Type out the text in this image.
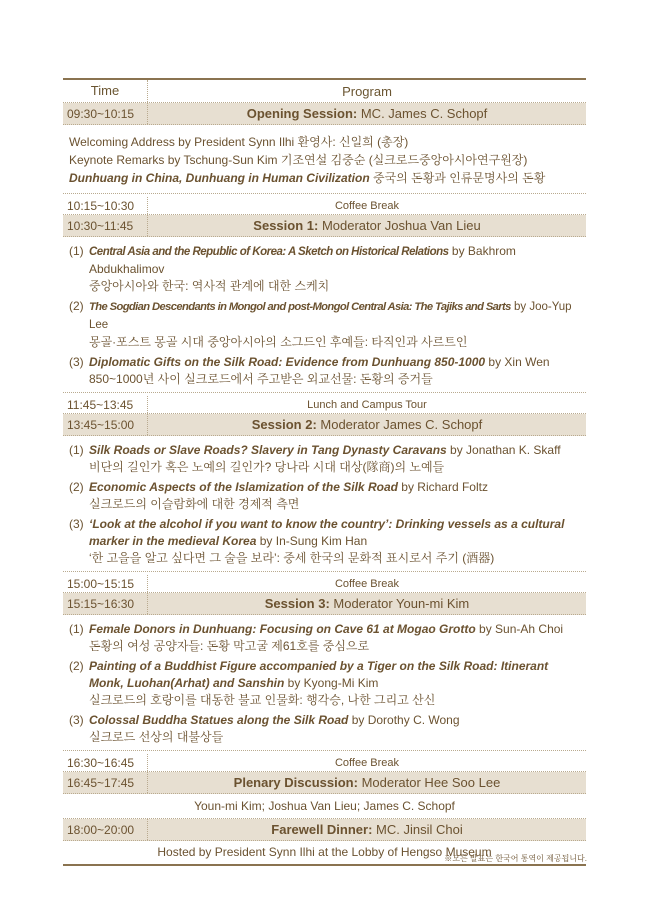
Time	Program
09:30~10:15	Opening Session: MC. James C. Schopf
Welcoming Address by President Synn Ilhi 환영사: 신일희 (총장)
Keynote Remarks by Tschung-Sun Kim 기조연설 김중순 (실크로드중앙아시아연구원장)
Dunhuang in China, Dunhuang in Human Civilization 중국의 돈황과 인류문명사의 돈황
10:15~10:30	Coffee Break
10:30~11:45	Session 1: Moderator Joshua Van Lieu
(1) Central Asia and the Republic of Korea: A Sketch on Historical Relations by Bakhrom Abdukhalimov
중앙아시아와 한국: 역사적 관계에 대한 스케치
(2) The Sogdian Descendants in Mongol and post-Mongol Central Asia: The Tajiks and Sarts by Joo-Yup Lee
몽골·포스트 몽골 시대 중앙아시아의 소그드인 후예들: 타직인과 사르트인
(3) Diplomatic Gifts on the Silk Road: Evidence from Dunhuang 850-1000 by Xin Wen
850~1000년 사이 실크로드에서 주고받은 외교선물: 돈황의 증거들
11:45~13:45	Lunch and Campus Tour
13:45~15:00	Session 2: Moderator James C. Schopf
(1) Silk Roads or Slave Roads? Slavery in Tang Dynasty Caravans by Jonathan K. Skaff
비단의 길인가 혹은 노예의 길인가? 당나라 시대 대상(隊商)의 노예들
(2) Economic Aspects of the Islamization of the Silk Road by Richard Foltz
실크로드의 이슬람화에 대한 경제적 측면
(3) ‘Look at the alcohol if you want to know the country’: Drinking vessels as a cultural marker in the medieval Korea by In-Sung Kim Han
‘한 고을을 알고 싶다면 그 술을 보라’: 중세 한국의 문화적 표시로서 주기 (酒器)
15:00~15:15	Coffee Break
15:15~16:30	Session 3: Moderator Youn-mi Kim
(1) Female Donors in Dunhuang: Focusing on Cave 61 at Mogao Grotto by Sun-Ah Choi
돈황의 여성 공양자들: 돈황 막고굴 제61호를 중심으로
(2) Painting of a Buddhist Figure accompanied by a Tiger on the Silk Road: Itinerant Monk, Luohan(Arhat) and Sanshin by Kyong-Mi Kim
실크로드의 호랑이를 대동한 불교 인물화: 행각승, 나한 그리고 산신
(3) Colossal Buddha Statues along the Silk Road by Dorothy C. Wong
실크로드 선상의 대불상들
16:30~16:45	Coffee Break
16:45~17:45	Plenary Discussion: Moderator Hee Soo Lee
Youn-mi Kim; Joshua Van Lieu; James C. Schopf
18:00~20:00	Farewell Dinner: MC. Jinsil Choi
Hosted by President Synn Ilhi at the Lobby of Hengso Museum
※모든 발표는 한국어 통역이 제공됩니다.
